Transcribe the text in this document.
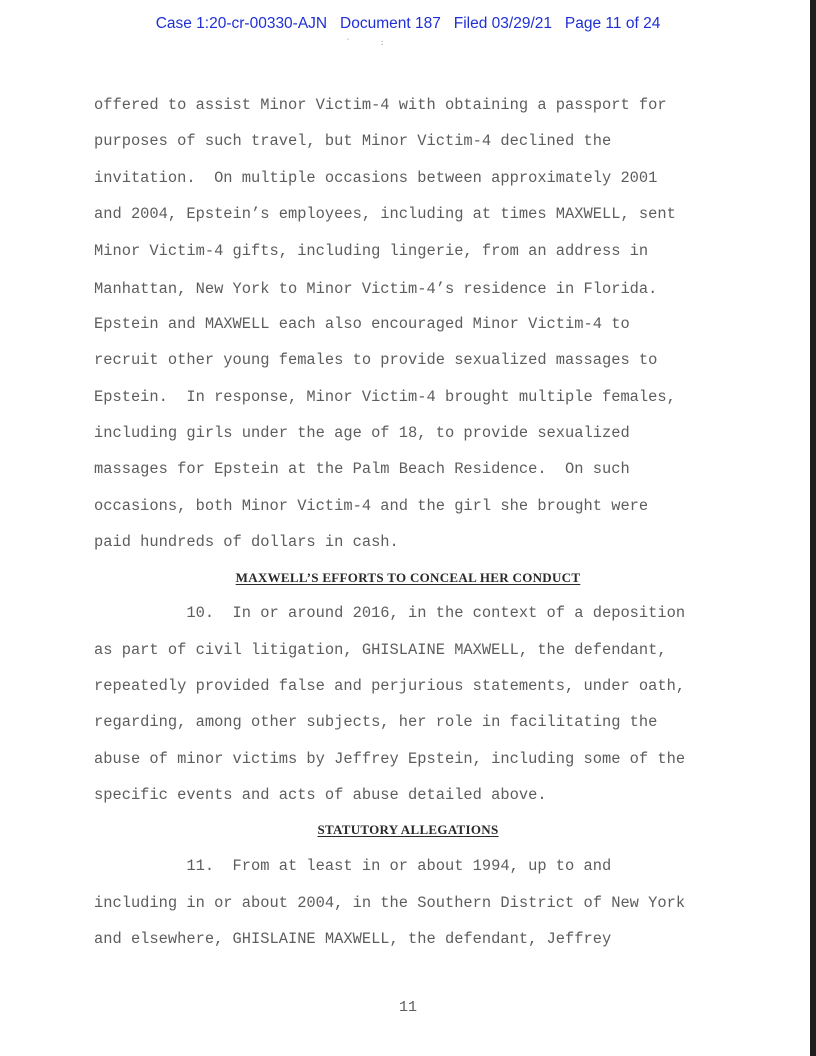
Case 1:20-cr-00330-AJN   Document 187   Filed 03/29/21   Page 11 of 24
`      :
offered to assist Minor Victim-4 with obtaining a passport for
purposes of such travel, but Minor Victim-4 declined the
invitation.  On multiple occasions between approximately 2001
and 2004, Epstein’s employees, including at times MAXWELL, sent
Minor Victim-4 gifts, including lingerie, from an address in
Manhattan, New York to Minor Victim-4’s residence in Florida.
Epstein and MAXWELL each also encouraged Minor Victim-4 to
recruit other young females to provide sexualized massages to
Epstein.  In response, Minor Victim-4 brought multiple females,
including girls under the age of 18, to provide sexualized
massages for Epstein at the Palm Beach Residence.  On such
occasions, both Minor Victim-4 and the girl she brought were
paid hundreds of dollars in cash.
MAXWELL’S EFFORTS TO CONCEAL HER CONDUCT
10.  In or around 2016, in the context of a deposition
as part of civil litigation, GHISLAINE MAXWELL, the defendant,
repeatedly provided false and perjurious statements, under oath,
regarding, among other subjects, her role in facilitating the
abuse of minor victims by Jeffrey Epstein, including some of the
specific events and acts of abuse detailed above.
STATUTORY ALLEGATIONS
11.  From at least in or about 1994, up to and
including in or about 2004, in the Southern District of New York
and elsewhere, GHISLAINE MAXWELL, the defendant, Jeffrey
11
